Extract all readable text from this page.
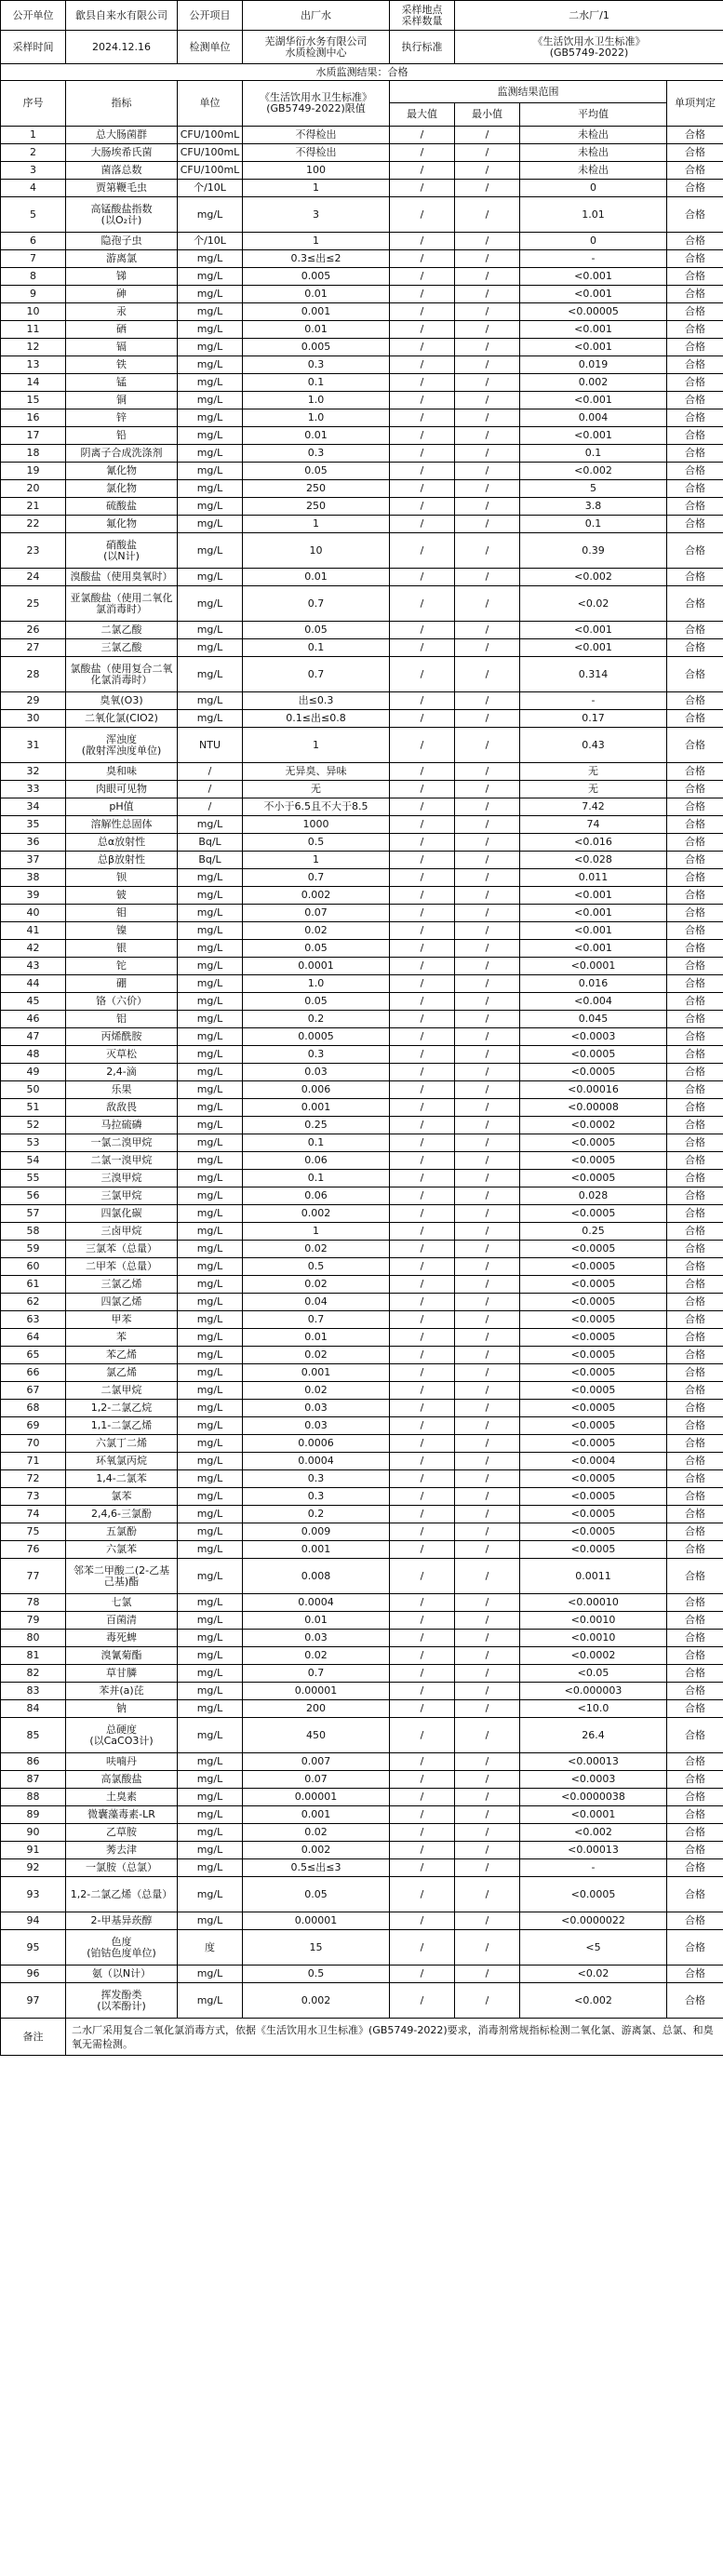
公开单位	歙县自来水有限公司	公开项目	出厂水	采样地点
采样数量	二水厂/1		
采样时间	2024.12.16	检测单位	芜湖华衍水务有限公司
水质检测中心	执行标准	《生活饮用水卫生标准》
(GB5749-2022)		
水质监测结果：合格							
序号	指标	单位	《生活饮用水卫生标准》
(GB5749-2022)限值	监测结果范围			单项判定
				最大值	最小值	平均值	
1	总大肠菌群	CFU/100mL	不得检出	/	/	未检出	合格
2	大肠埃希氏菌	CFU/100mL	不得检出	/	/	未检出	合格
3	菌落总数	CFU/100mL	100	/	/	未检出	合格
4	贾第鞭毛虫	个/10L	1	/	/	0	合格
5	高锰酸盐指数
(以O₂计)	mg/L	3	/	/	1.01	合格
6	隐孢子虫	个/10L	1	/	/	0	合格
7	游离氯	mg/L	0.3≤出≤2	/	/	-	合格
8	锑	mg/L	0.005	/	/	<0.001	合格
9	砷	mg/L	0.01	/	/	<0.001	合格
10	汞	mg/L	0.001	/	/	<0.00005	合格
11	硒	mg/L	0.01	/	/	<0.001	合格
12	镉	mg/L	0.005	/	/	<0.001	合格
13	铁	mg/L	0.3	/	/	0.019	合格
14	锰	mg/L	0.1	/	/	0.002	合格
15	铜	mg/L	1.0	/	/	<0.001	合格
16	锌	mg/L	1.0	/	/	0.004	合格
17	铅	mg/L	0.01	/	/	<0.001	合格
18	阴离子合成洗涤剂	mg/L	0.3	/	/	0.1	合格
19	氰化物	mg/L	0.05	/	/	<0.002	合格
20	氯化物	mg/L	250	/	/	5	合格
21	硫酸盐	mg/L	250	/	/	3.8	合格
22	氟化物	mg/L	1	/	/	0.1	合格
23	硝酸盐
(以N计)	mg/L	10	/	/	0.39	合格
24	溴酸盐（使用臭氧时）	mg/L	0.01	/	/	<0.002	合格
25	亚氯酸盐（使用二氧化
氯消毒时）	mg/L	0.7	/	/	<0.02	合格
26	二氯乙酸	mg/L	0.05	/	/	<0.001	合格
27	三氯乙酸	mg/L	0.1	/	/	<0.001	合格
28	氯酸盐（使用复合二氧
化氯消毒时）	mg/L	0.7	/	/	0.314	合格
29	臭氧(O3)	mg/L	出≤0.3	/	/	-	合格
30	二氧化氯(ClO2)	mg/L	0.1≤出≤0.8	/	/	0.17	合格
31	浑浊度
(散射浑浊度单位)	NTU	1	/	/	0.43	合格
32	臭和味	/	无异臭、异味	/	/	无	合格
33	肉眼可见物	/	无	/	/	无	合格
34	pH值	/	不小于6.5且不大于8.5	/	/	7.42	合格
35	溶解性总固体	mg/L	1000	/	/	74	合格
36	总α放射性	Bq/L	0.5	/	/	<0.016	合格
37	总β放射性	Bq/L	1	/	/	<0.028	合格
38	钡	mg/L	0.7	/	/	0.011	合格
39	铍	mg/L	0.002	/	/	<0.001	合格
40	钼	mg/L	0.07	/	/	<0.001	合格
41	镍	mg/L	0.02	/	/	<0.001	合格
42	银	mg/L	0.05	/	/	<0.001	合格
43	铊	mg/L	0.0001	/	/	<0.0001	合格
44	硼	mg/L	1.0	/	/	0.016	合格
45	铬（六价）	mg/L	0.05	/	/	<0.004	合格
46	铝	mg/L	0.2	/	/	0.045	合格
47	丙烯酰胺	mg/L	0.0005	/	/	<0.0003	合格
48	灭草松	mg/L	0.3	/	/	<0.0005	合格
49	2,4-滴	mg/L	0.03	/	/	<0.0005	合格
50	乐果	mg/L	0.006	/	/	<0.00016	合格
51	敌敌畏	mg/L	0.001	/	/	<0.00008	合格
52	马拉硫磷	mg/L	0.25	/	/	<0.0002	合格
53	一氯二溴甲烷	mg/L	0.1	/	/	<0.0005	合格
54	二氯一溴甲烷	mg/L	0.06	/	/	<0.0005	合格
55	三溴甲烷	mg/L	0.1	/	/	<0.0005	合格
56	三氯甲烷	mg/L	0.06	/	/	0.028	合格
57	四氯化碳	mg/L	0.002	/	/	<0.0005	合格
58	三卤甲烷	mg/L	1	/	/	0.25	合格
59	三氯苯（总量）	mg/L	0.02	/	/	<0.0005	合格
60	二甲苯（总量）	mg/L	0.5	/	/	<0.0005	合格
61	三氯乙烯	mg/L	0.02	/	/	<0.0005	合格
62	四氯乙烯	mg/L	0.04	/	/	<0.0005	合格
63	甲苯	mg/L	0.7	/	/	<0.0005	合格
64	苯	mg/L	0.01	/	/	<0.0005	合格
65	苯乙烯	mg/L	0.02	/	/	<0.0005	合格
66	氯乙烯	mg/L	0.001	/	/	<0.0005	合格
67	二氯甲烷	mg/L	0.02	/	/	<0.0005	合格
68	1,2-二氯乙烷	mg/L	0.03	/	/	<0.0005	合格
69	1,1-二氯乙烯	mg/L	0.03	/	/	<0.0005	合格
70	六氯丁二烯	mg/L	0.0006	/	/	<0.0005	合格
71	环氧氯丙烷	mg/L	0.0004	/	/	<0.0004	合格
72	1,4-二氯苯	mg/L	0.3	/	/	<0.0005	合格
73	氯苯	mg/L	0.3	/	/	<0.0005	合格
74	2,4,6-三氯酚	mg/L	0.2	/	/	<0.0005	合格
75	五氯酚	mg/L	0.009	/	/	<0.0005	合格
76	六氯苯	mg/L	0.001	/	/	<0.0005	合格
77	邻苯二甲酸二(2-乙基
己基)酯	mg/L	0.008	/	/	0.0011	合格
78	七氯	mg/L	0.0004	/	/	<0.00010	合格
79	百菌清	mg/L	0.01	/	/	<0.0010	合格
80	毒死蜱	mg/L	0.03	/	/	<0.0010	合格
81	溴氰菊酯	mg/L	0.02	/	/	<0.0002	合格
82	草甘膦	mg/L	0.7	/	/	<0.05	合格
83	苯并(a)芘	mg/L	0.00001	/	/	<0.000003	合格
84	钠	mg/L	200	/	/	<10.0	合格
85	总硬度
(以CaCO3计)	mg/L	450	/	/	26.4	合格
86	呋喃丹	mg/L	0.007	/	/	<0.00013	合格
87	高氯酸盐	mg/L	0.07	/	/	<0.0003	合格
88	土臭素	mg/L	0.00001	/	/	<0.0000038	合格
89	微囊藻毒素-LR	mg/L	0.001	/	/	<0.0001	合格
90	乙草胺	mg/L	0.02	/	/	<0.002	合格
91	莠去津	mg/L	0.002	/	/	<0.00013	合格
92	一氯胺（总氯）	mg/L	0.5≤出≤3	/	/	-	合格
93	1,2-二氯乙烯（总量）	mg/L	0.05	/	/	<0.0005	合格
94	2-甲基异莰醇	mg/L	0.00001	/	/	<0.0000022	合格
95	色度
(铂钴色度单位)	度	15	/	/	<5	合格
96	氨（以N计）	mg/L	0.5	/	/	<0.02	合格
97	挥发酚类
(以苯酚计)	mg/L	0.002	/	/	<0.002	合格
备注	二水厂采用复合二氧化氯消毒方式，依据《生活饮用水卫生标准》(GB5749-2022)要求，消毒剂常规指标检测二氧化氯、游离氯、总氯、和臭氧无需检测。						
